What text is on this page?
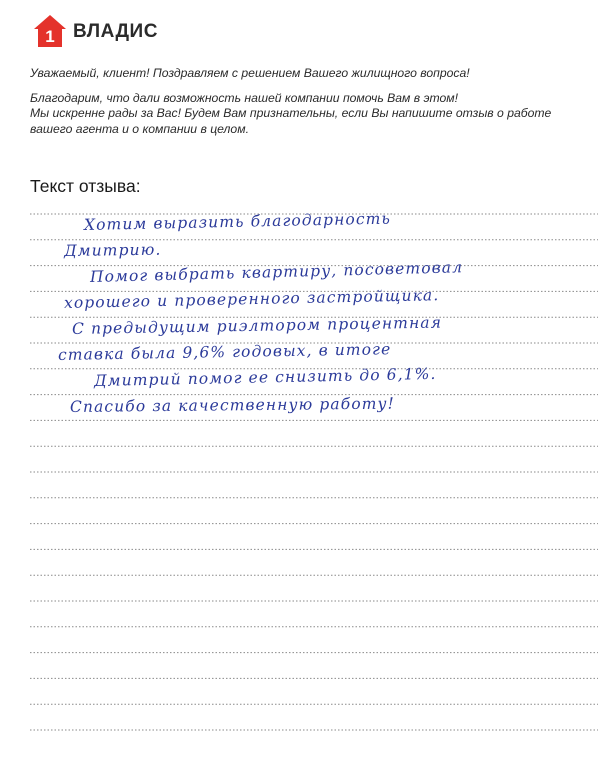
1 ВЛАДИС

Уважаемый, клиент! Поздравляем с решением Вашего жилищного вопроса!

Благодарим, что дали возможность нашей компании помочь Вам в этом!
Мы искренне рады за Вас! Будем Вам признательны, если Вы напишите отзыв о работе
вашего агента и о компании в целом.

Текст отзыва:
Хотим выразить благодарность
Дмитрию.
Помог выбрать квартиру, посоветовал
хорошего и проверенного застройщика.
С предыдущим риэлтором процентная
ставка была 9,6% годовых, в итоге
Дмитрий помог ее снизить до 6,1%.
Спасибо за качественную работу!
